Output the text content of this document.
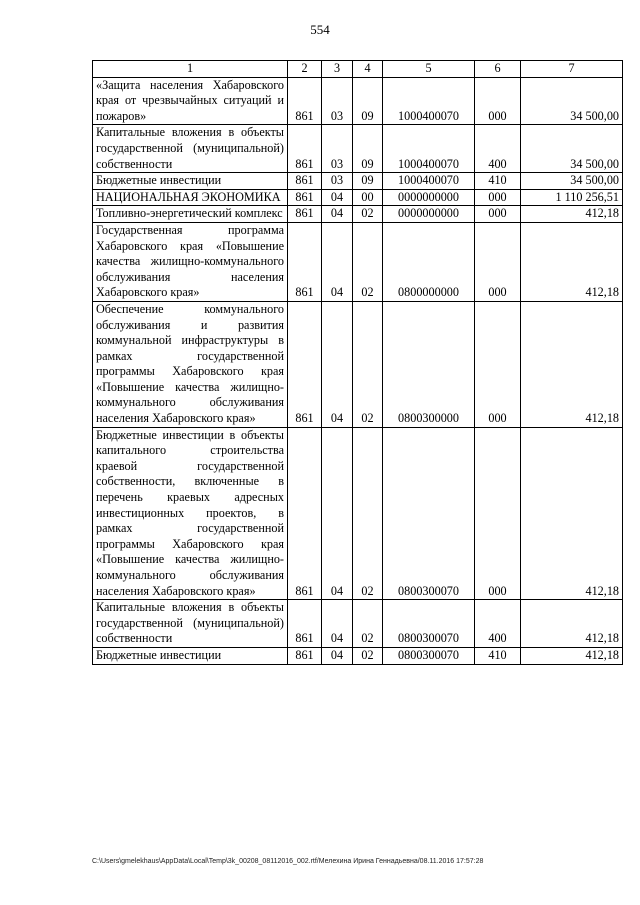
554
1	2	3	4	5	6	7

«Защита населения Хабаровского края от чрезвычайных ситуаций и пожаров»	861	03	09	1000400070	000	34 500,00

Капитальные вложения в объекты государственной (муниципальной) собственности	861	03	09	1000400070	400	34 500,00

Бюджетные инвестиции	861	03	09	1000400070	410	34 500,00

НАЦИОНАЛЬНАЯ ЭКОНОМИКА	861	04	00	0000000000	000	1 110 256,51

Топливно-энергетический комплекс	861	04	02	0000000000	000	412,18

Государственная программа Хабаровского края «Повышение качества жилищно-коммунального обслуживания населения Хабаровского края»	861	04	02	0800000000	000	412,18

Обеспечение коммунального обслуживания и развития коммунальной инфраструктуры в рамках государственной программы Хабаровского края «Повышение качества жилищно-коммунального обслуживания населения Хабаровского края»	861	04	02	0800300000	000	412,18

Бюджетные инвестиции в объекты капитального строительства краевой государственной собственности, включенные в перечень краевых адресных инвестиционных проектов, в рамках государственной программы Хабаровского края «Повышение качества жилищно-коммунального обслуживания населения Хабаровского края»	861	04	02	0800300070	000	412,18

Капитальные вложения в объекты государственной (муниципальной) собственности	861	04	02	0800300070	400	412,18

Бюджетные инвестиции	861	04	02	0800300070	410	412,18
C:\Users\gmelekhaus\AppData\Local\Temp\3k_00208_08112016_002.rtf/Мелехина Ирина Геннадьевна/08.11.2016 17:57:28
